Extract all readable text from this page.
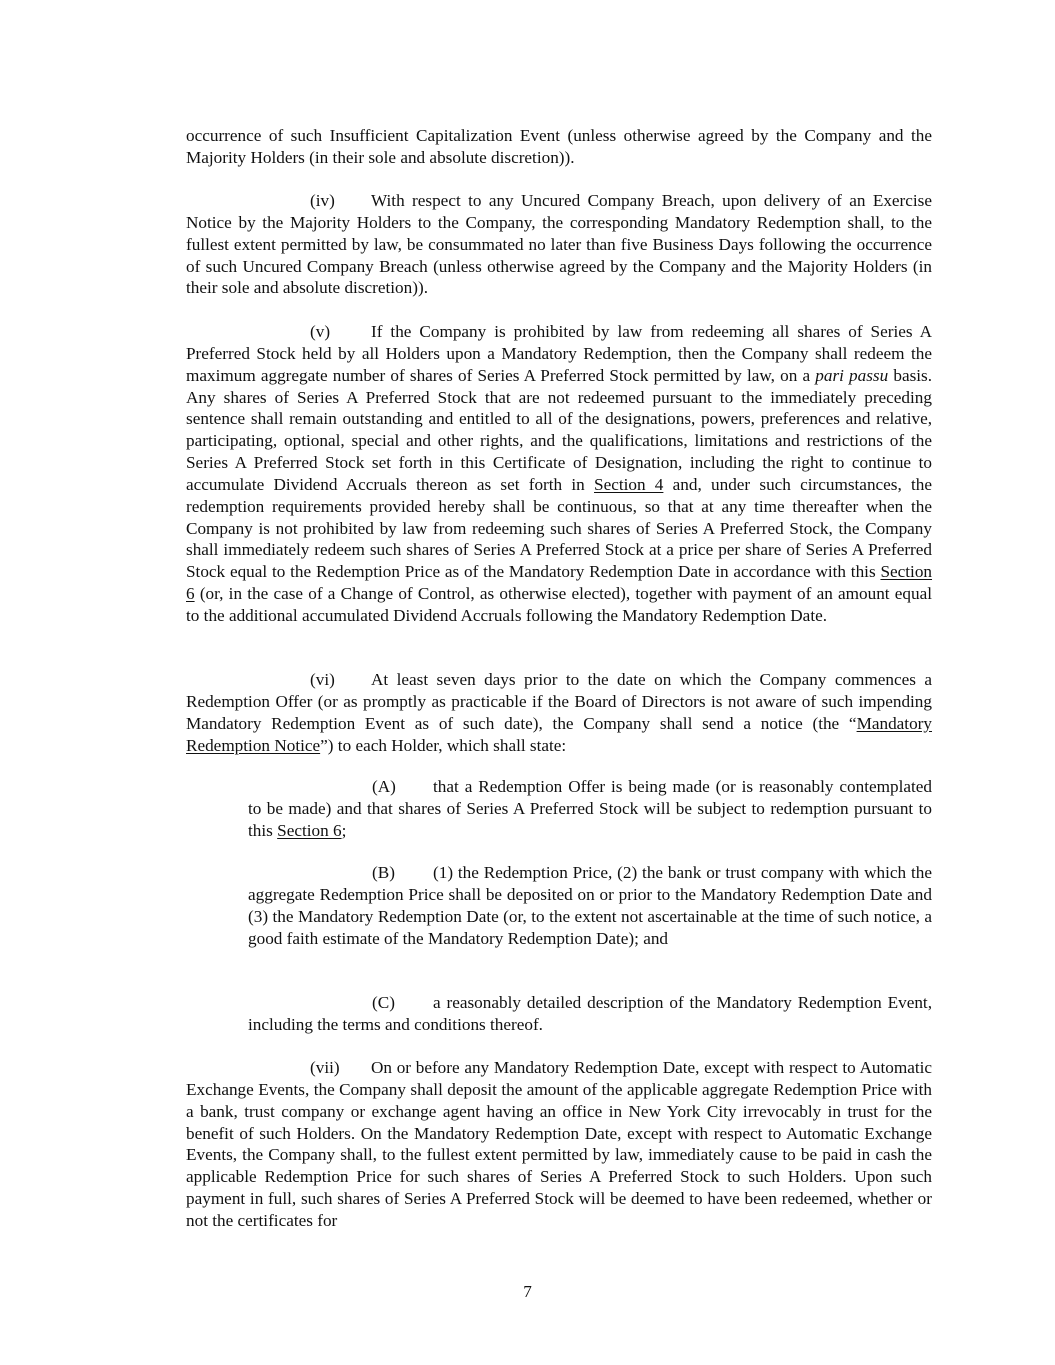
occurrence of such Insufficient Capitalization Event (unless otherwise agreed by the Company and the Majority Holders (in their sole and absolute discretion)).

(iv) With respect to any Uncured Company Breach, upon delivery of an Exercise Notice by the Majority Holders to the Company, the corresponding Mandatory Redemption shall, to the fullest extent permitted by law, be consummated no later than five Business Days following the occurrence of such Uncured Company Breach (unless otherwise agreed by the Company and the Majority Holders (in their sole and absolute discretion)).

(v) If the Company is prohibited by law from redeeming all shares of Series A Preferred Stock held by all Holders upon a Mandatory Redemption, then the Company shall redeem the maximum aggregate number of shares of Series A Preferred Stock permitted by law, on a pari passu basis. Any shares of Series A Preferred Stock that are not redeemed pursuant to the immediately preceding sentence shall remain outstanding and entitled to all of the designations, powers, preferences and relative, participating, optional, special and other rights, and the qualifications, limitations and restrictions of the Series A Preferred Stock set forth in this Certificate of Designation, including the right to continue to accumulate Dividend Accruals thereon as set forth in Section 4 and, under such circumstances, the redemption requirements provided hereby shall be continuous, so that at any time thereafter when the Company is not prohibited by law from redeeming such shares of Series A Preferred Stock, the Company shall immediately redeem such shares of Series A Preferred Stock at a price per share of Series A Preferred Stock equal to the Redemption Price as of the Mandatory Redemption Date in accordance with this Section 6 (or, in the case of a Change of Control, as otherwise elected), together with payment of an amount equal to the additional accumulated Dividend Accruals following the Mandatory Redemption Date.

(vi) At least seven days prior to the date on which the Company commences a Redemption Offer (or as promptly as practicable if the Board of Directors is not aware of such impending Mandatory Redemption Event as of such date), the Company shall send a notice (the “Mandatory Redemption Notice”) to each Holder, which shall state:

(A) that a Redemption Offer is being made (or is reasonably contemplated to be made) and that shares of Series A Preferred Stock will be subject to redemption pursuant to this Section 6;

(B) (1) the Redemption Price, (2) the bank or trust company with which the aggregate Redemption Price shall be deposited on or prior to the Mandatory Redemption Date and (3) the Mandatory Redemption Date (or, to the extent not ascertainable at the time of such notice, a good faith estimate of the Mandatory Redemption Date); and

(C) a reasonably detailed description of the Mandatory Redemption Event, including the terms and conditions thereof.

(vii) On or before any Mandatory Redemption Date, except with respect to Automatic Exchange Events, the Company shall deposit the amount of the applicable aggregate Redemption Price with a bank, trust company or exchange agent having an office in New York City irrevocably in trust for the benefit of such Holders. On the Mandatory Redemption Date, except with respect to Automatic Exchange Events, the Company shall, to the fullest extent permitted by law, immediately cause to be paid in cash the applicable Redemption Price for such shares of Series A Preferred Stock to such Holders. Upon such payment in full, such shares of Series A Preferred Stock will be deemed to have been redeemed, whether or not the certificates for

7
